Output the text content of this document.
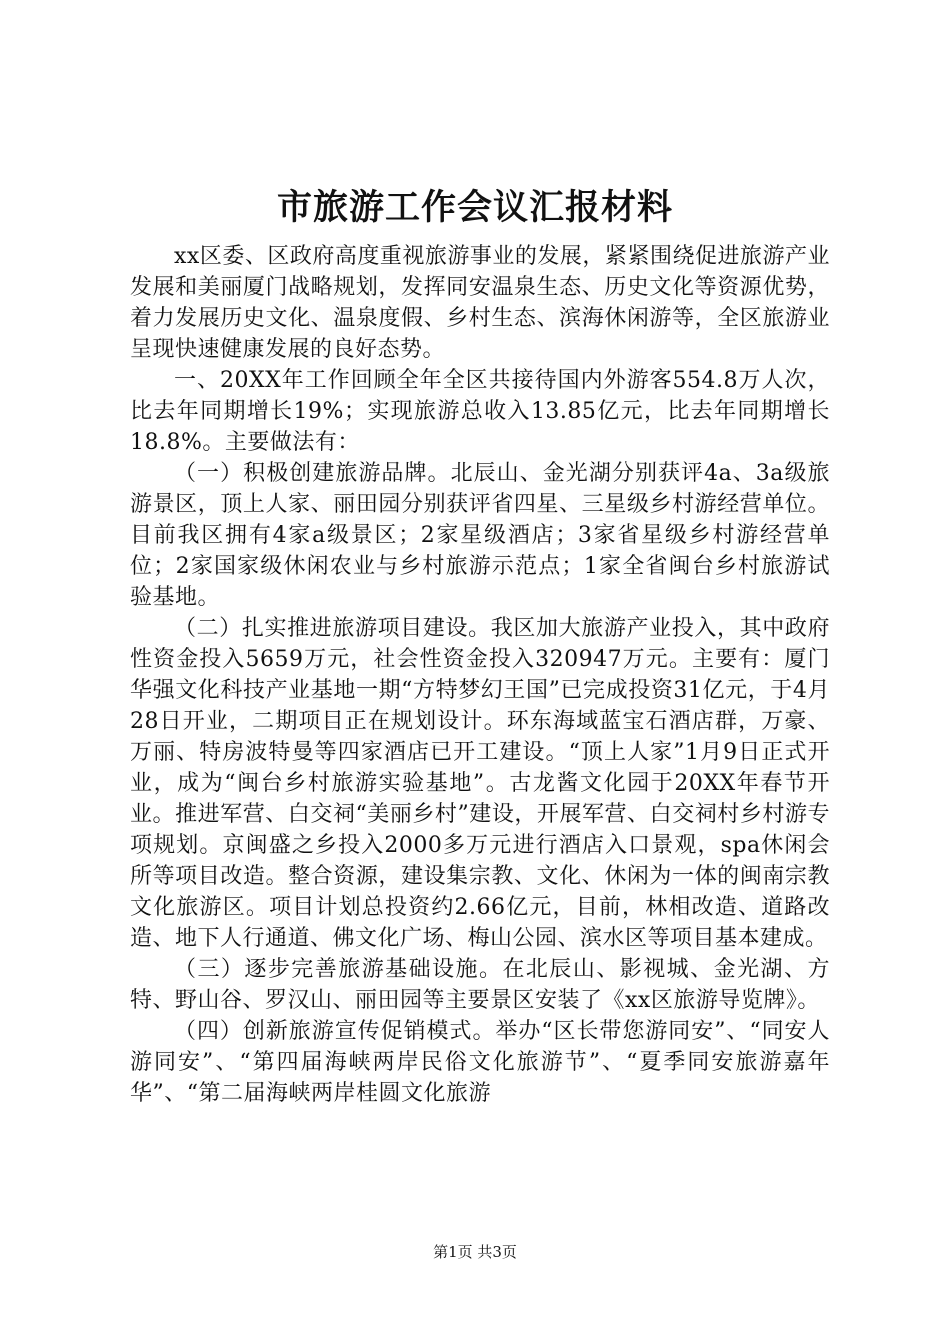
市旅游工作会议汇报材料

xx区委、区政府高度重视旅游事业的发展，紧紧围绕促进旅游产业发展和美丽厦门战略规划，发挥同安温泉生态、历史文化等资源优势，着力发展历史文化、温泉度假、乡村生态、滨海休闲游等，全区旅游业呈现快速健康发展的良好态势。

一、20XX年工作回顾全年全区共接待国内外游客554.8万人次，比去年同期增长19%；实现旅游总收入13.85亿元，比去年同期增长18.8%。主要做法有：

（一）积极创建旅游品牌。北辰山、金光湖分别获评4a、3a级旅游景区，顶上人家、丽田园分别获评省四星、三星级乡村游经营单位。目前我区拥有4家a级景区；2家星级酒店；3家省星级乡村游经营单位；2家国家级休闲农业与乡村旅游示范点；1家全省闽台乡村旅游试验基地。

（二）扎实推进旅游项目建设。我区加大旅游产业投入，其中政府性资金投入5659万元，社会性资金投入320947万元。主要有：厦门华强文化科技产业基地一期“方特梦幻王国”已完成投资31亿元，于4月28日开业，二期项目正在规划设计。环东海域蓝宝石酒店群，万豪、万丽、特房波特曼等四家酒店已开工建设。“顶上人家”1月9日正式开业，成为“闽台乡村旅游实验基地”。古龙酱文化园于20XX年春节开业。推进军营、白交祠“美丽乡村”建设，开展军营、白交祠村乡村游专项规划。京闽盛之乡投入2000多万元进行酒店入口景观，spa休闲会所等项目改造。整合资源，建设集宗教、文化、休闲为一体的闽南宗教文化旅游区。项目计划总投资约2.66亿元，目前，林相改造、道路改造、地下人行通道、佛文化广场、梅山公园、滨水区等项目基本建成。

（三）逐步完善旅游基础设施。在北辰山、影视城、金光湖、方特、野山谷、罗汉山、丽田园等主要景区安装了《xx区旅游导览牌》。

（四）创新旅游宣传促销模式。举办“区长带您游同安”、“同安人游同安”、“第四届海峡两岸民俗文化旅游节”、“夏季同安旅游嘉年华”、“第二届海峡两岸桂圆文化旅游

第1页 共3页
